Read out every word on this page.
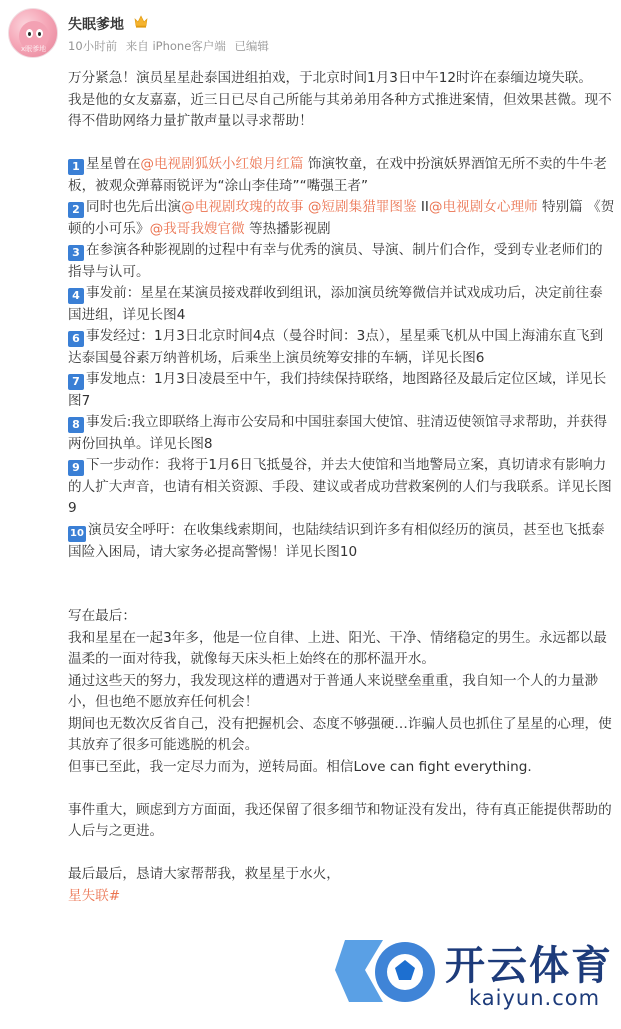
x眠爹地
失眠爹地
10小时前 来自 iPhone客户端 已编辑
万分紧急！演员星星赴泰国进组拍戏，于北京时间1月3日中午12时许在泰缅边境失联。
我是他的女友嘉嘉，近三日已尽自己所能与其弟弟用各种方式推进案情，但效果甚微。现不得不借助网络力量扩散声量以寻求帮助！
1 星星曾在@电视剧狐妖小红娘月红篇 饰演牧童，在戏中扮演妖界酒馆无所不卖的牛牛老板，被观众弹幕雨锐评为“涂山李佳琦”“嘴强王者”
2 同时也先后出演@电视剧玫瑰的故事 @短剧集猎罪图鉴 II@电视剧女心理师 特别篇 《贺顿的小可乐》@我哥我嫂官微 等热播影视剧
3 在参演各种影视剧的过程中有幸与优秀的演员、导演、制片们合作，受到专业老师们的指导与认可。
4 事发前：星星在某演员接戏群收到组讯，添加演员统筹微信并试戏成功后，决定前往泰国进组，详见长图4
6 事发经过：1月3日北京时间4点（曼谷时间：3点），星星乘飞机从中国上海浦东直飞到达泰国曼谷素万纳普机场，后乘坐上演员统筹安排的车辆，详见长图6
7 事发地点：1月3日凌晨至中午，我们持续保持联络，地图路径及最后定位区域，详见长图7
8 事发后:我立即联络上海市公安局和中国驻泰国大使馆、驻清迈使领馆寻求帮助，并获得两份回执单。详见长图8
9 下一步动作：我将于1月6日飞抵曼谷，并去大使馆和当地警局立案，真切请求有影响力的人扩大声音，也请有相关资源、手段、建议或者成功营救案例的人们与我联系。详见长图9
10 演员安全呼吁：在收集线索期间，也陆续结识到许多有相似经历的演员，甚至也飞抵泰国险入困局，请大家务必提高警惕！详见长图10
写在最后：
我和星星在一起3年多，他是一位自律、上进、阳光、干净、情绪稳定的男生。永远都以最温柔的一面对待我，就像每天床头柜上始终在的那杯温开水。
通过这些天的努力，我发现这样的遭遇对于普通人来说壁垒重重，我自知一个人的力量渺小，但也绝不愿放弃任何机会！
期间也无数次反省自己，没有把握机会、态度不够强硬…诈骗人员也抓住了星星的心理，使其放弃了很多可能逃脱的机会。
但事已至此，我一定尽力而为，逆转局面。相信Love can fight everything.
事件重大，顾虑到方方面面，我还保留了很多细节和物证没有发出，待有真正能提供帮助的人后与之更进。
最后最后，恳请大家帮帮我，救星星于水火，
星失联#
开云体育
kaiyun.com
